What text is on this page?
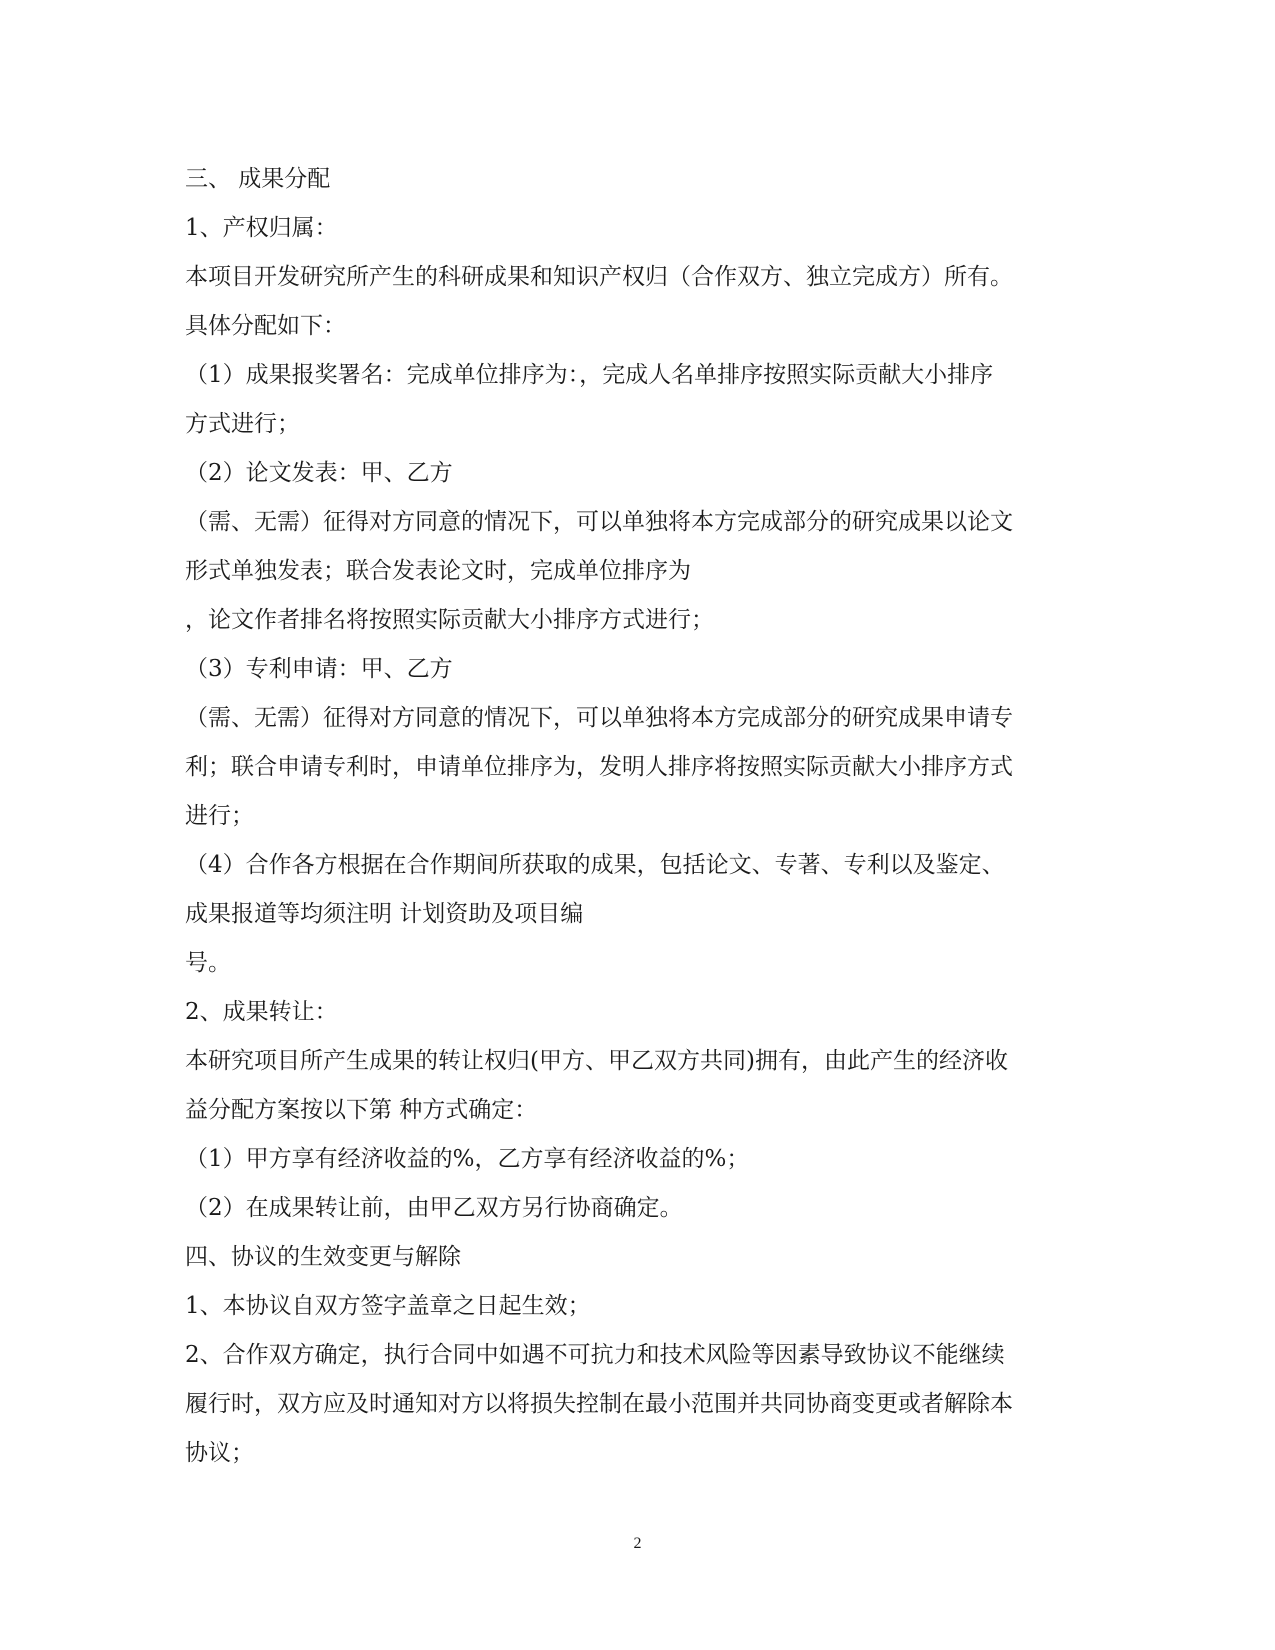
三、 成果分配
1、产权归属：
本项目开发研究所产生的科研成果和知识产权归（合作双方、独立完成方）所有。
具体分配如下：
（1）成果报奖署名：完成单位排序为：，完成人名单排序按照实际贡献大小排序
方式进行；
（2）论文发表：甲、乙方
（需、无需）征得对方同意的情况下，可以单独将本方完成部分的研究成果以论文
形式单独发表；联合发表论文时，完成单位排序为
，论文作者排名将按照实际贡献大小排序方式进行；
（3）专利申请：甲、乙方
（需、无需）征得对方同意的情况下，可以单独将本方完成部分的研究成果申请专
利；联合申请专利时，申请单位排序为，发明人排序将按照实际贡献大小排序方式
进行；
（4）合作各方根据在合作期间所获取的成果，包括论文、专著、专利以及鉴定、
成果报道等均须注明 计划资助及项目编
号。
2、成果转让：
本研究项目所产生成果的转让权归(甲方、甲乙双方共同)拥有，由此产生的经济收
益分配方案按以下第 种方式确定：
（1）甲方享有经济收益的%，乙方享有经济收益的%；
（2）在成果转让前，由甲乙双方另行协商确定。
四、协议的生效变更与解除
1、本协议自双方签字盖章之日起生效；
2、合作双方确定，执行合同中如遇不可抗力和技术风险等因素导致协议不能继续
履行时，双方应及时通知对方以将损失控制在最小范围并共同协商变更或者解除本
协议；
2
